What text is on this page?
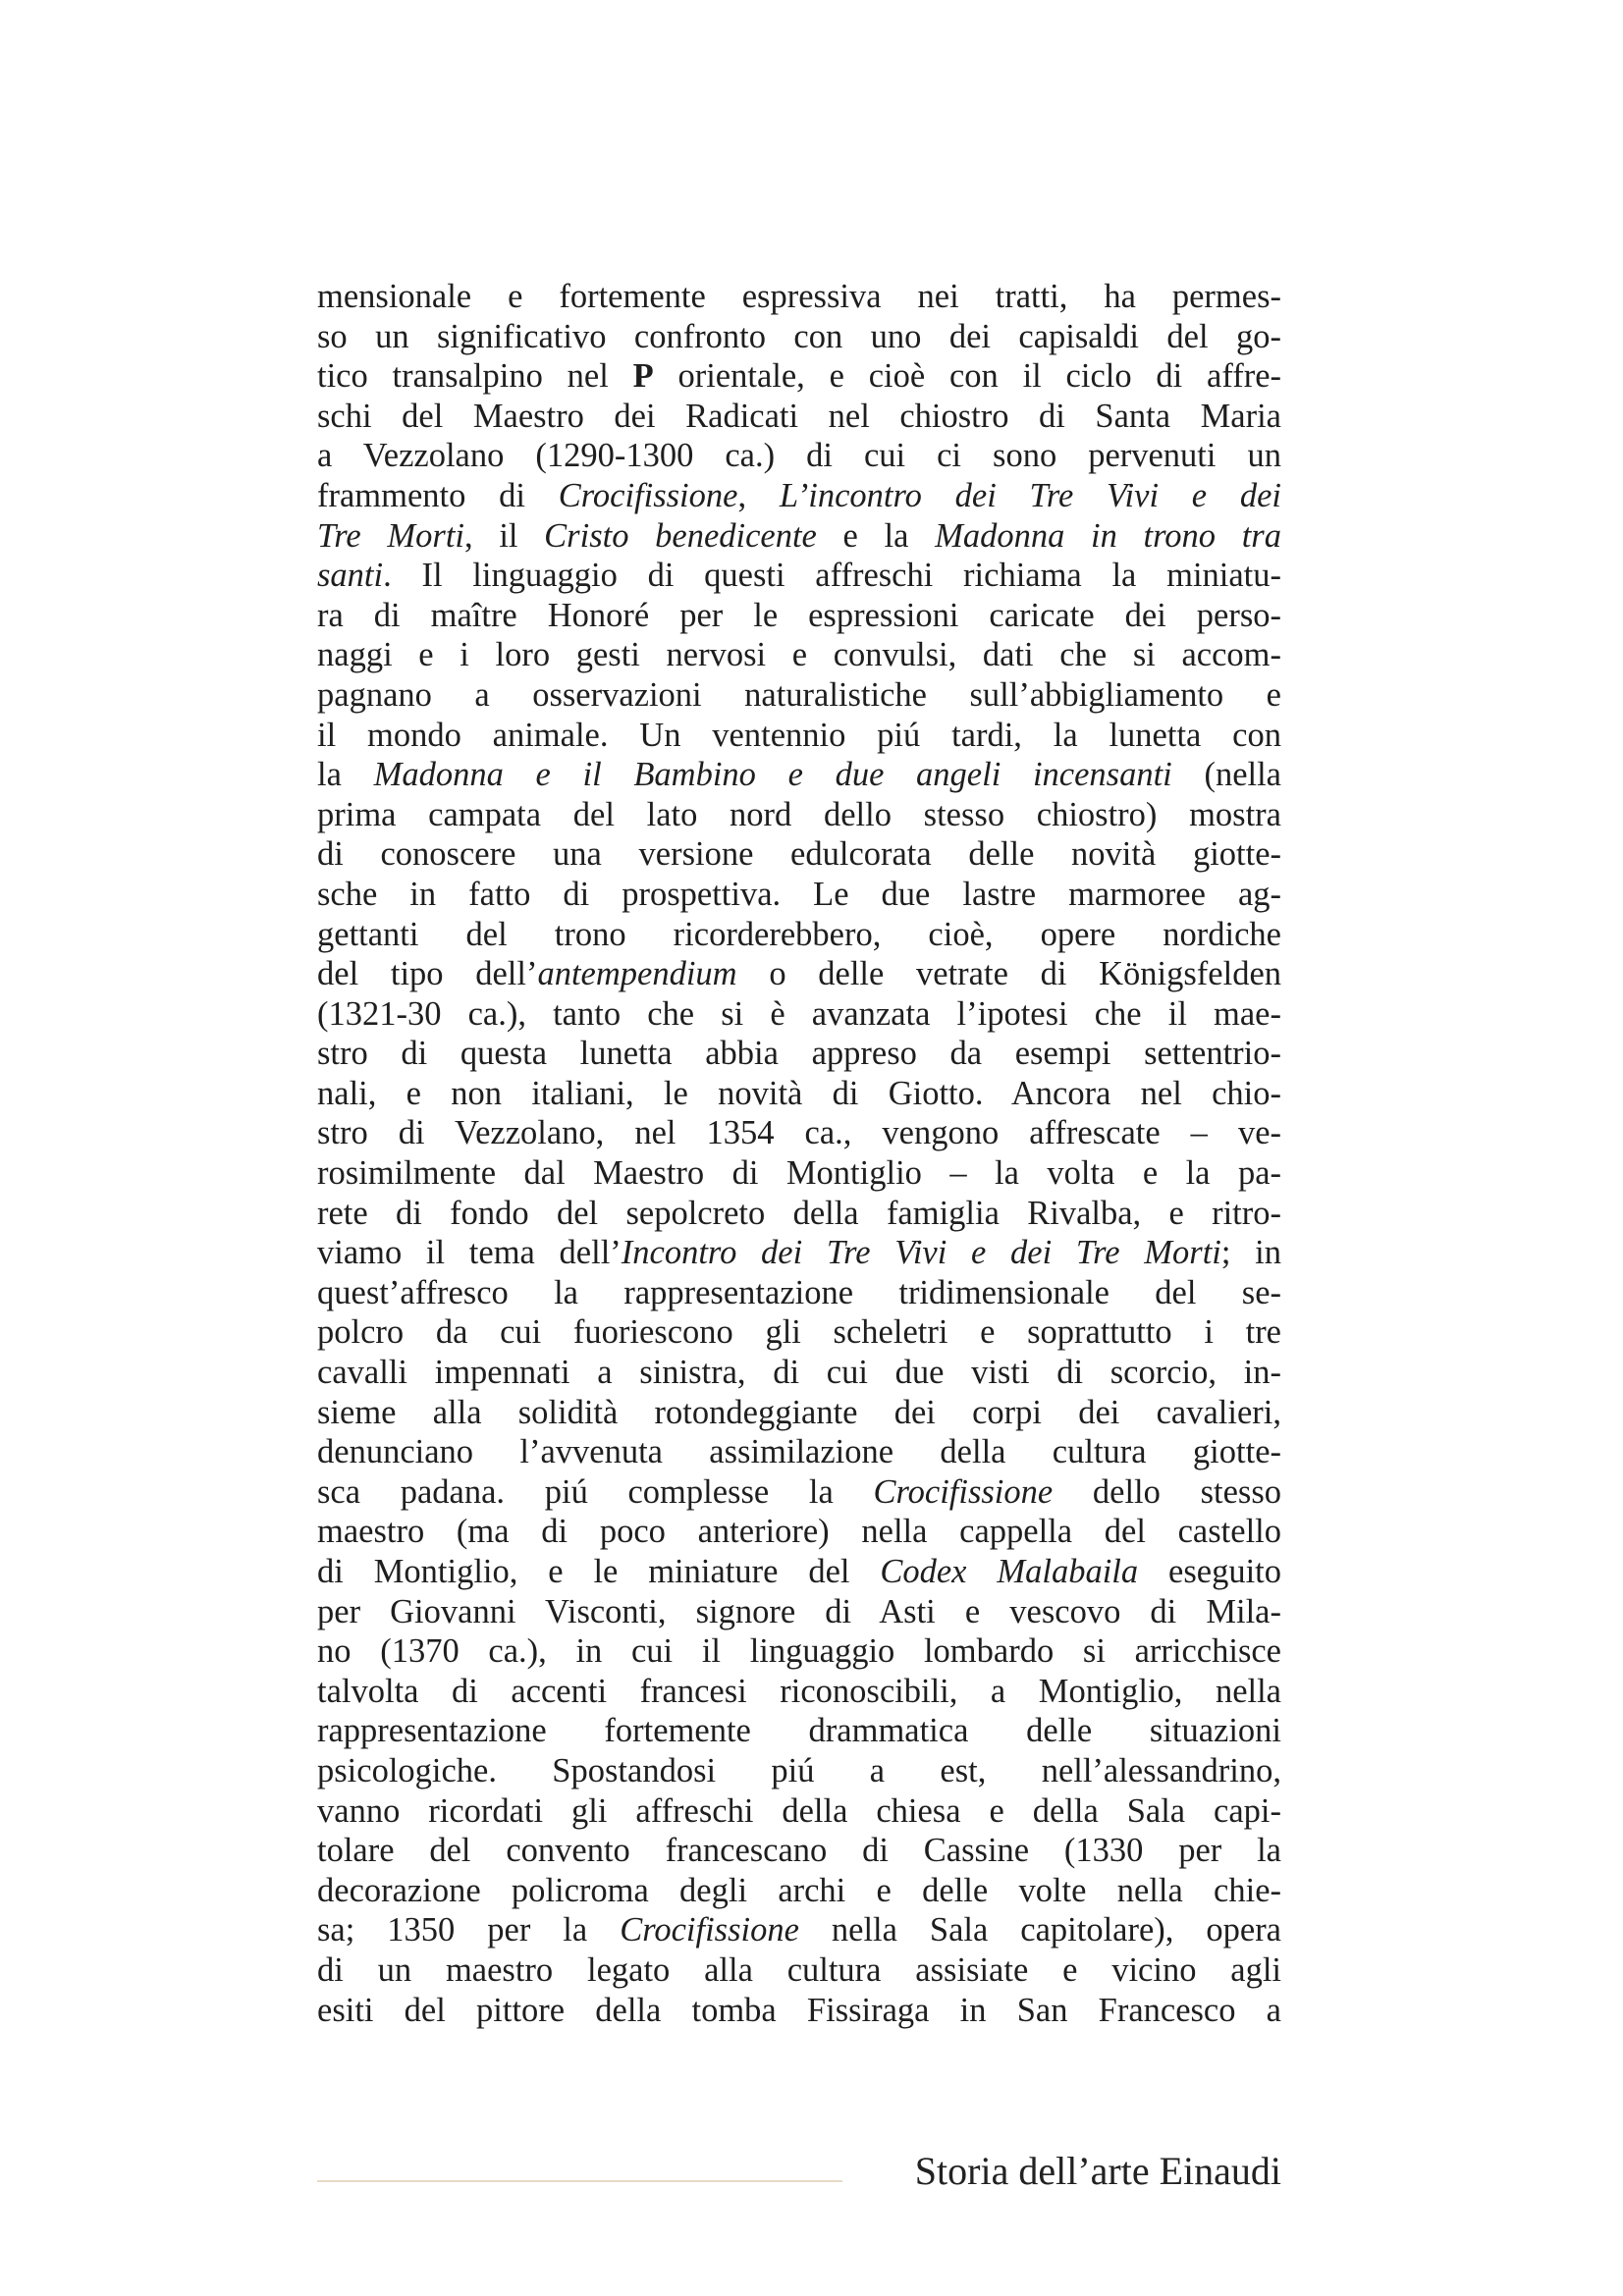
mensionale e fortemente espressiva nei tratti, ha permes-
so un significativo confronto con uno dei capisaldi del go-
tico transalpino nel P orientale, e cioè con il ciclo di affre-
schi del Maestro dei Radicati nel chiostro di Santa Maria
a Vezzolano (1290-1300 ca.) di cui ci sono pervenuti un
frammento di Crocifissione, L’incontro dei Tre Vivi e dei
Tre Morti, il Cristo benedicente e la Madonna in trono tra
santi. Il linguaggio di questi affreschi richiama la miniatu-
ra di maître Honoré per le espressioni caricate dei perso-
naggi e i loro gesti nervosi e convulsi, dati che si accom-
pagnano a osservazioni naturalistiche sull’abbigliamento e
il mondo animale. Un ventennio piú tardi, la lunetta con
la Madonna e il Bambino e due angeli incensanti (nella
prima campata del lato nord dello stesso chiostro) mostra
di conoscere una versione edulcorata delle novità giotte-
sche in fatto di prospettiva. Le due lastre marmoree ag-
gettanti del trono ricorderebbero, cioè, opere nordiche
del tipo dell’antempendium o delle vetrate di Königsfelden
(1321-30 ca.), tanto che si è avanzata l’ipotesi che il mae-
stro di questa lunetta abbia appreso da esempi settentrio-
nali, e non italiani, le novità di Giotto. Ancora nel chio-
stro di Vezzolano, nel 1354 ca., vengono affrescate – ve-
rosimilmente dal Maestro di Montiglio – la volta e la pa-
rete di fondo del sepolcreto della famiglia Rivalba, e ritro-
viamo il tema dell’Incontro dei Tre Vivi e dei Tre Morti; in
quest’affresco la rappresentazione tridimensionale del se-
polcro da cui fuoriescono gli scheletri e soprattutto i tre
cavalli impennati a sinistra, di cui due visti di scorcio, in-
sieme alla solidità rotondeggiante dei corpi dei cavalieri,
denunciano l’avvenuta assimilazione della cultura giotte-
sca padana. piú complesse la Crocifissione dello stesso
maestro (ma di poco anteriore) nella cappella del castello
di Montiglio, e le miniature del Codex Malabaila eseguito
per Giovanni Visconti, signore di Asti e vescovo di Mila-
no (1370 ca.), in cui il linguaggio lombardo si arricchisce
talvolta di accenti francesi riconoscibili, a Montiglio, nella
rappresentazione fortemente drammatica delle situazioni
psicologiche. Spostandosi piú a est, nell’alessandrino,
vanno ricordati gli affreschi della chiesa e della Sala capi-
tolare del convento francescano di Cassine (1330 per la
decorazione policroma degli archi e delle volte nella chie-
sa; 1350 per la Crocifissione nella Sala capitolare), opera
di un maestro legato alla cultura assisiate e vicino agli
esiti del pittore della tomba Fissiraga in San Francesco a
Storia dell’arte Einaudi
